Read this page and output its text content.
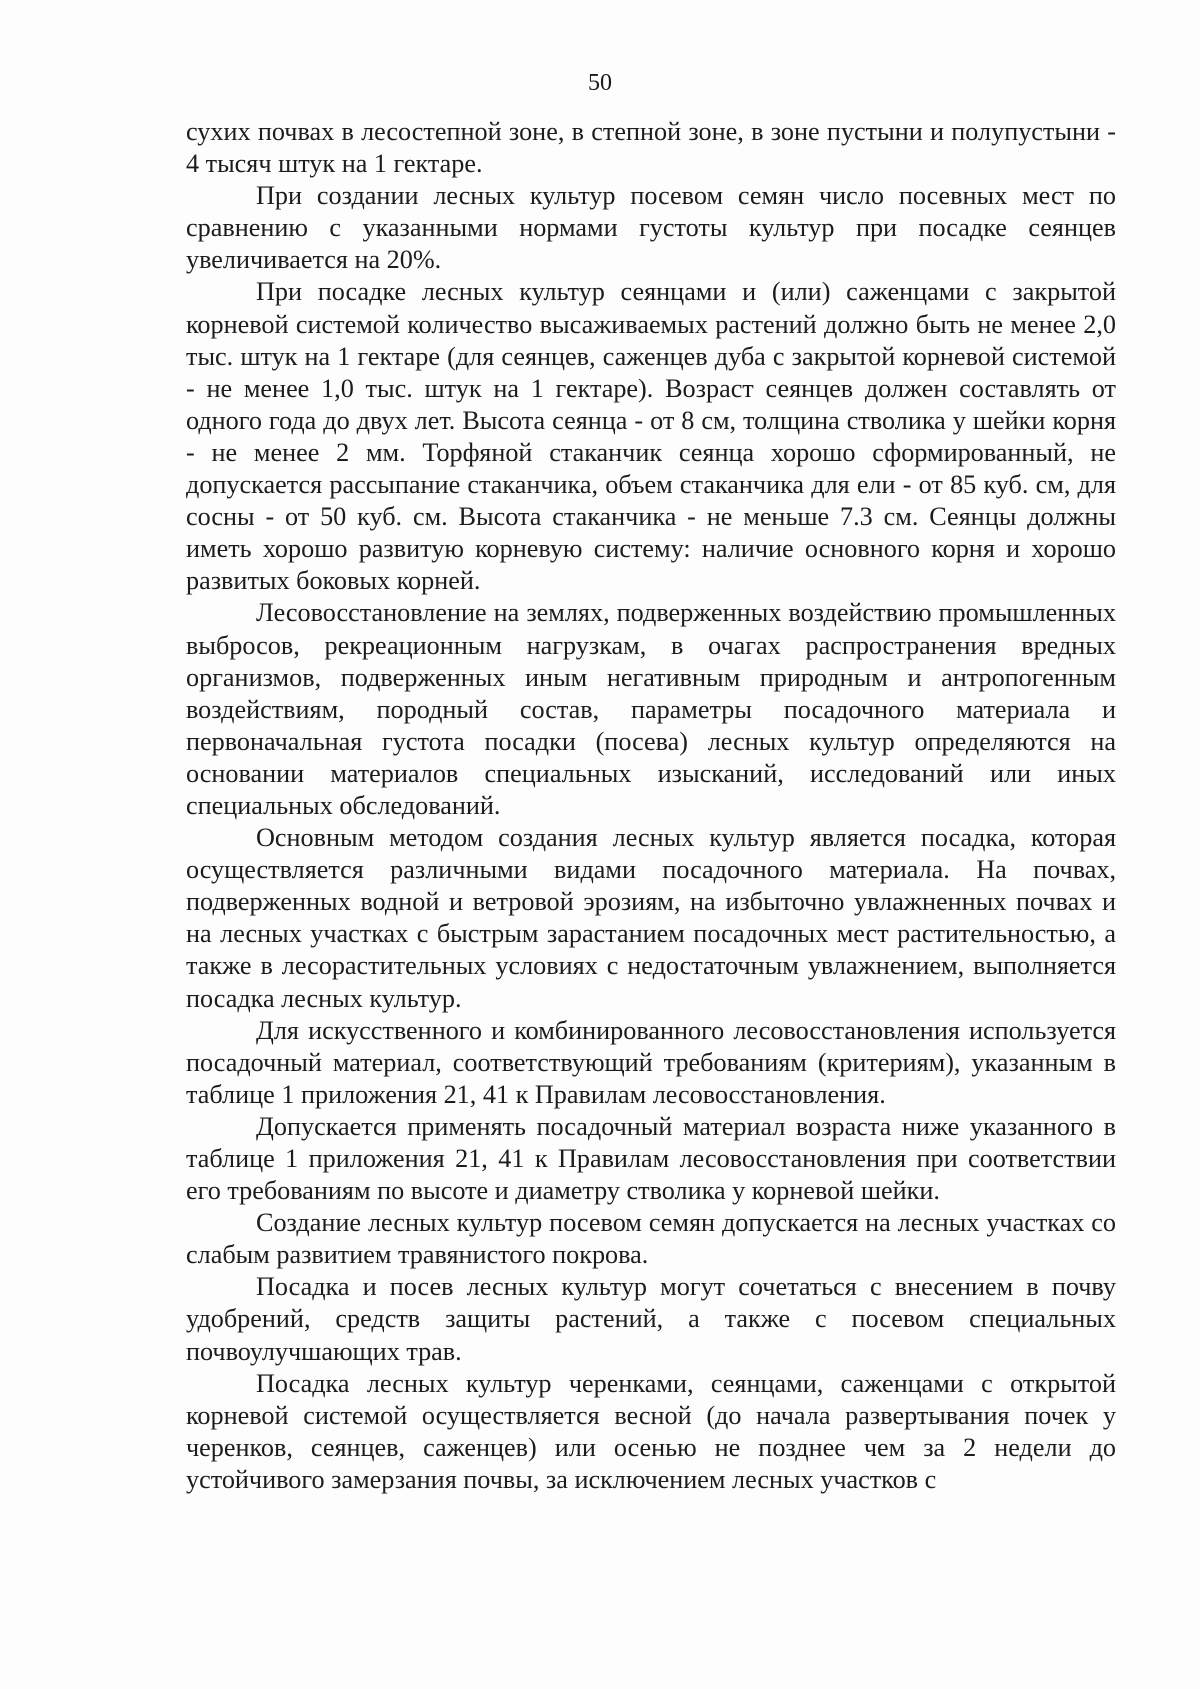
50

сухих почвах в лесостепной зоне, в степной зоне, в зоне пустыни и полупустыни - 4 тысяч штук на 1 гектаре.

При создании лесных культур посевом семян число посевных мест по сравнению с указанными нормами густоты культур при посадке сеянцев увеличивается на 20%.

При посадке лесных культур сеянцами и (или) саженцами с закрытой корневой системой количество высаживаемых растений должно быть не менее 2,0 тыс. штук на 1 гектаре (для сеянцев, саженцев дуба с закрытой корневой системой - не менее 1,0 тыс. штук на 1 гектаре). Возраст сеянцев должен составлять от одного года до двух лет. Высота сеянца - от 8 см, толщина стволика у шейки корня - не менее 2 мм. Торфяной стаканчик сеянца хорошо сформированный, не допускается рассыпание стаканчика, объем стаканчика для ели - от 85 куб. см, для сосны - от 50 куб. см. Высота стаканчика - не меньше 7.3 см. Сеянцы должны иметь хорошо развитую корневую систему: наличие основного корня и хорошо развитых боковых корней.

Лесовосстановление на землях, подверженных воздействию промышленных выбросов, рекреационным нагрузкам, в очагах распространения вредных организмов, подверженных иным негативным природным и антропогенным воздействиям, породный состав, параметры посадочного материала и первоначальная густота посадки (посева) лесных культур определяются на основании материалов специальных изысканий, исследований или иных специальных обследований.

Основным методом создания лесных культур является посадка, которая осуществляется различными видами посадочного материала. На почвах, подверженных водной и ветровой эрозиям, на избыточно увлажненных почвах и на лесных участках с быстрым зарастанием посадочных мест растительностью, а также в лесорастительных условиях с недостаточным увлажнением, выполняется посадка лесных культур.

Для искусственного и комбинированного лесовосстановления используется посадочный материал, соответствующий требованиям (критериям), указанным в таблице 1 приложения 21, 41 к Правилам лесовосстановления.

Допускается применять посадочный материал возраста ниже указанного в таблице 1 приложения 21, 41 к Правилам лесовосстановления при соответствии его требованиям по высоте и диаметру стволика у корневой шейки.

Создание лесных культур посевом семян допускается на лесных участках со слабым развитием травянистого покрова.

Посадка и посев лесных культур могут сочетаться с внесением в почву удобрений, средств защиты растений, а также с посевом специальных почвоулучшающих трав.

Посадка лесных культур черенками, сеянцами, саженцами с открытой корневой системой осуществляется весной (до начала развертывания почек у черенков, сеянцев, саженцев) или осенью не позднее чем за 2 недели до устойчивого замерзания почвы, за исключением лесных участков с
